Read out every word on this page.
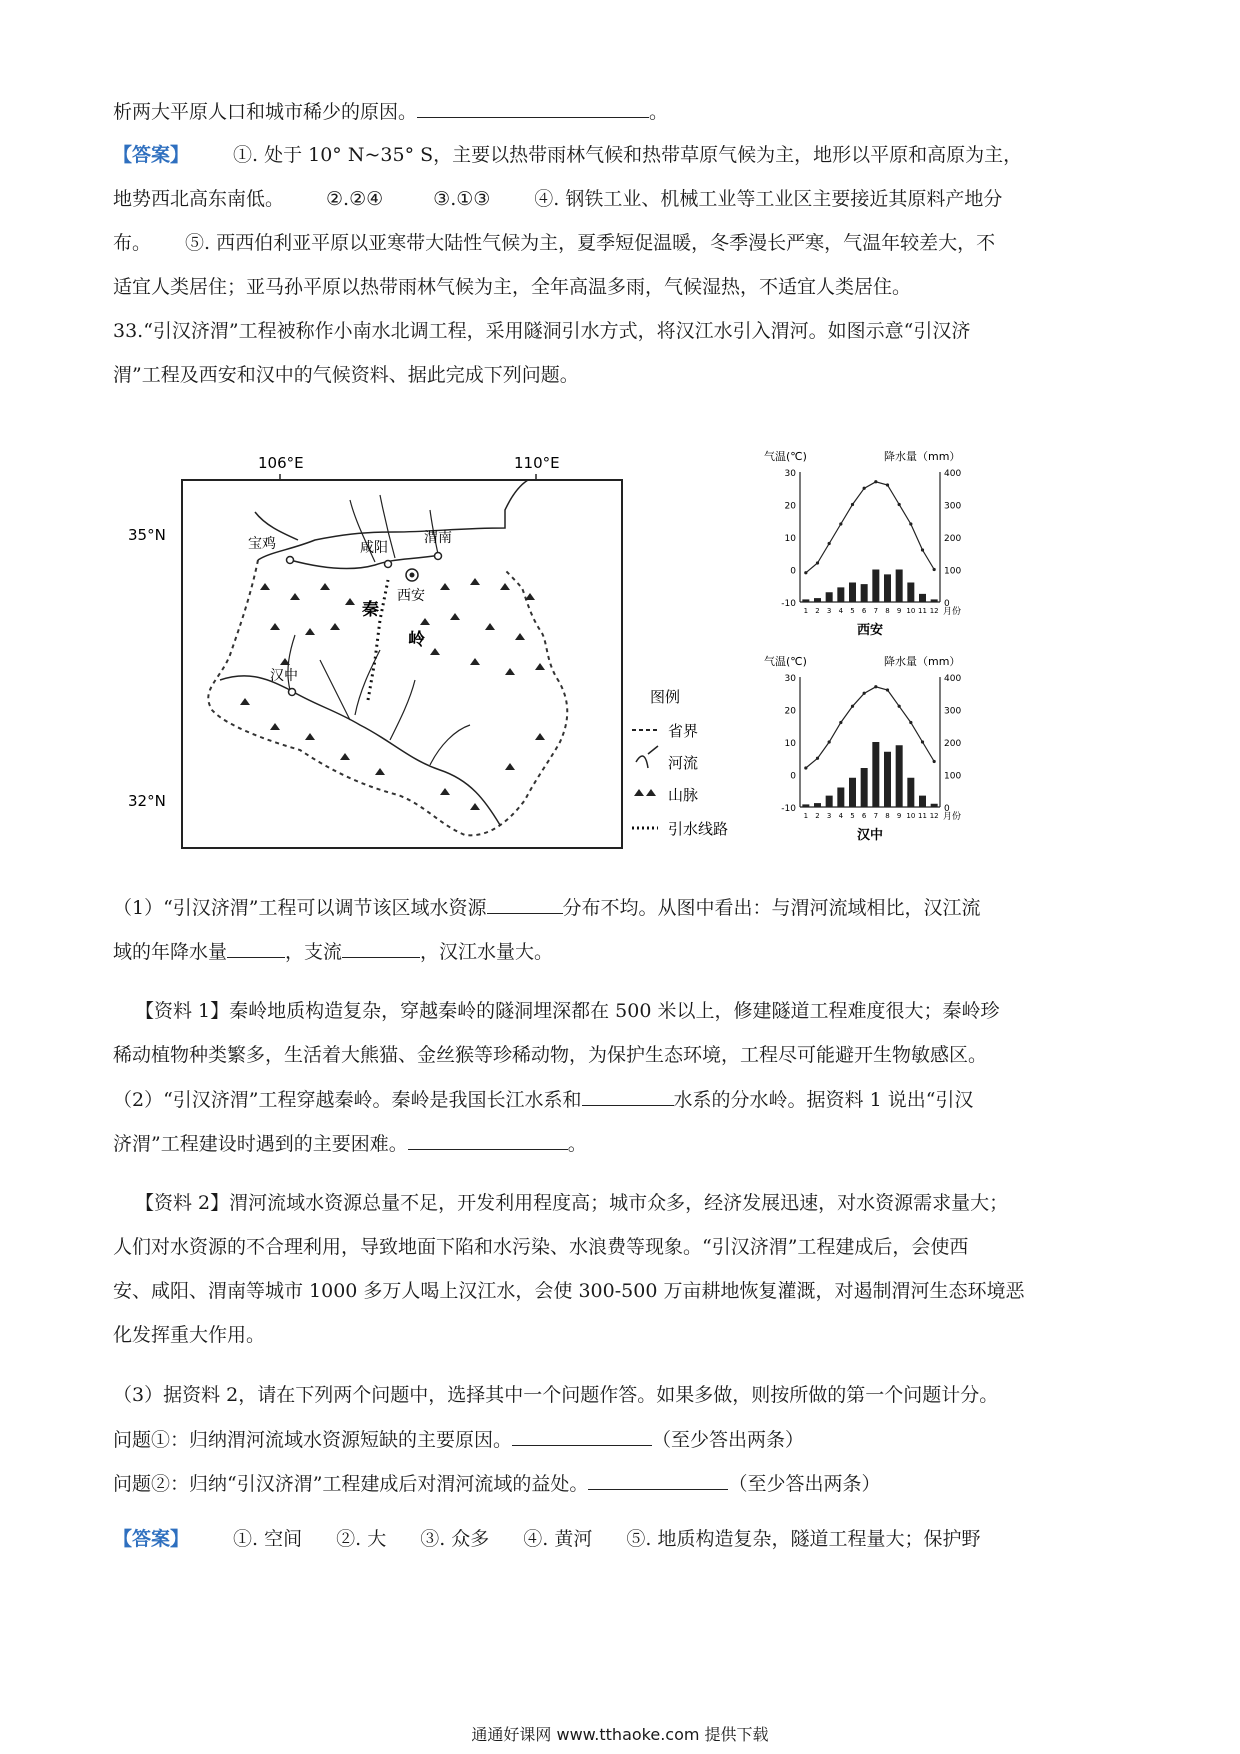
析两大平原人口和城市稀少的原因。	。
【答案】 ①. 处于 10° N~35° S，主要以热带雨林气候和热带草原气候为主，地形以平原和高原为主，
地势西北高东南低。 ②.②④	③.①③ ④. 钢铁工业、机械工业等工业区主要接近其原料产地分
布。 ⑤. 西西伯利亚平原以亚寒带大陆性气候为主，夏季短促温暖，冬季漫长严寒，气温年较差大，不
适宜人类居住；亚马孙平原以热带雨林气候为主，全年高温多雨，气候湿热，不适宜人类居住。
33.“引汉济渭”工程被称作小南水北调工程，采用隧洞引水方式，将汉江水引入渭河。如图示意“引汉济
渭”工程及西安和汉中的气候资料、据此完成下列问题。
106°E	110°E
35°N
32°N
宝鸡	咸阳
渭南
西安
秦
岭
汉中
图例
省界
河流
山脉
引水线路
气温(℃)	降水量（mm）
30
20
10
0
-10
400
300
200
100
0
1 2 3 4 5 6 7 8 9 10 11 12 月份
西安
气温(℃)	降水量（mm）
30
20
10
0
-10
400
300
200
100
0
1 2 3 4 5 6 7 8 9 10 11 12 月份
汉中
（1）“引汉济渭”工程可以调节该区域水资源	分布不均。从图中看出：与渭河流域相比，汉江流
域的年降水量	，支流	，汉江水量大。
【资料 1】秦岭地质构造复杂，穿越秦岭的隧洞埋深都在 500 米以上，修建隧道工程难度很大；秦岭珍
稀动植物种类繁多，生活着大熊猫、金丝猴等珍稀动物，为保护生态环境，工程尽可能避开生物敏感区。
（2）“引汉济渭”工程穿越秦岭。秦岭是我国长江水系和	水系的分水岭。据资料 1 说出“引汉
济渭”工程建设时遇到的主要困难。	。
【资料 2】渭河流域水资源总量不足，开发利用程度高；城市众多，经济发展迅速，对水资源需求量大；
人们对水资源的不合理利用，导致地面下陷和水污染、水浪费等现象。“引汉济渭”工程建成后，会使西
安、咸阳、渭南等城市 1000 多万人喝上汉江水，会使 300-500 万亩耕地恢复灌溉，对遏制渭河生态环境恶
化发挥重大作用。
（3）据资料 2，请在下列两个问题中，选择其中一个问题作答。如果多做，则按所做的第一个问题计分。
问题①：归纳渭河流域水资源短缺的主要原因。	（至少答出两条）
问题②：归纳“引汉济渭”工程建成后对渭河流域的益处。	（至少答出两条）
【答案】 ①. 空间 ②. 大 ③. 众多 ④. 黄河 ⑤. 地质构造复杂，隧道工程量大；保护野
通通好课网 www.tthaoke.com 提供下载
